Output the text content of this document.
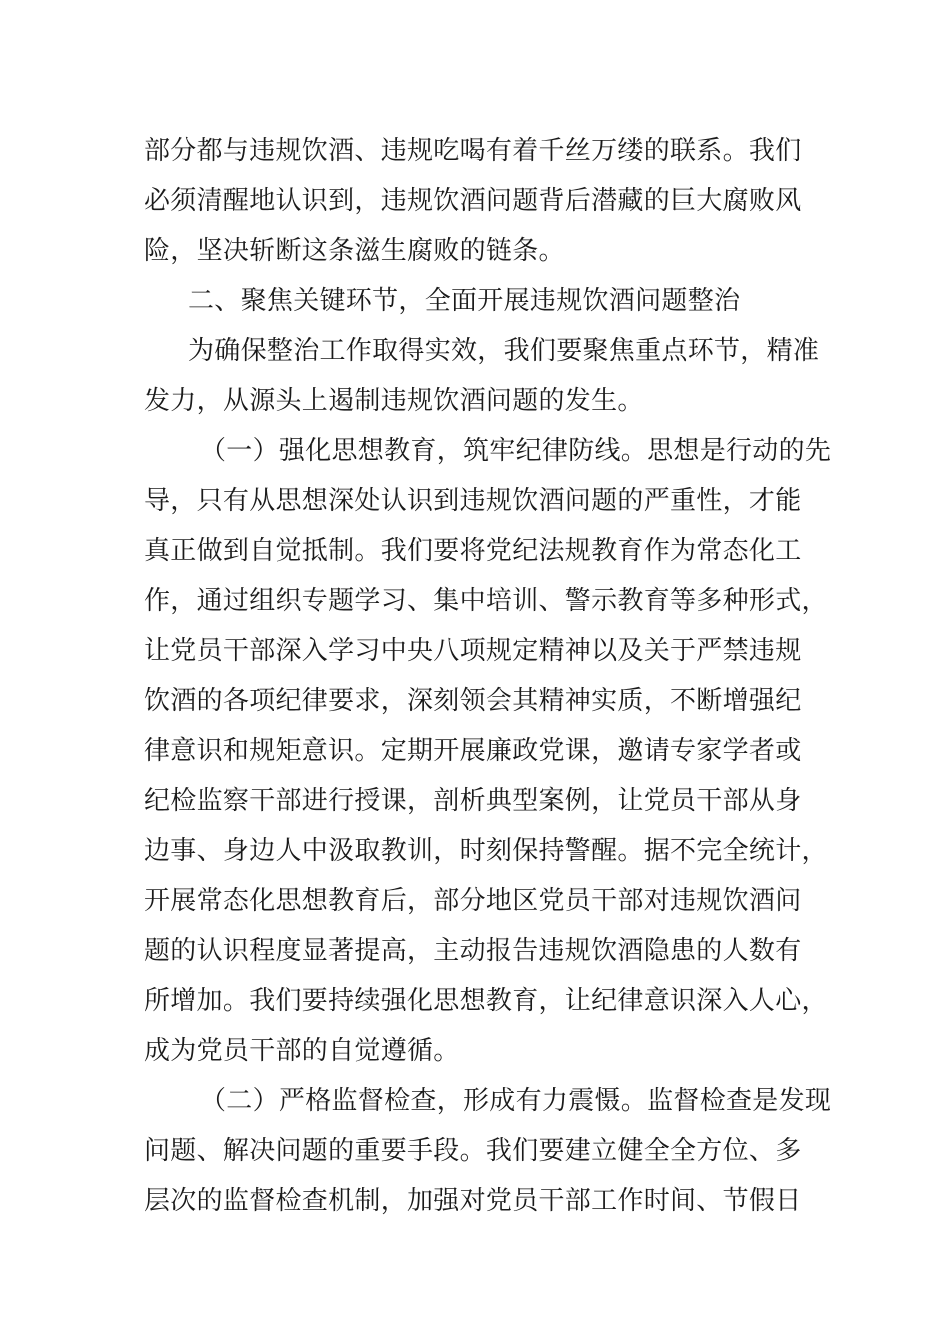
部分都与违规饮酒、违规吃喝有着千丝万缕的联系。我们
必须清醒地认识到，违规饮酒问题背后潜藏的巨大腐败风
险，坚决斩断这条滋生腐败的链条。
二、聚焦关键环节，全面开展违规饮酒问题整治
为确保整治工作取得实效，我们要聚焦重点环节，精准
发力，从源头上遏制违规饮酒问题的发生。
（一）强化思想教育，筑牢纪律防线。思想是行动的先
导，只有从思想深处认识到违规饮酒问题的严重性，才能
真正做到自觉抵制。我们要将党纪法规教育作为常态化工
作，通过组织专题学习、集中培训、警示教育等多种形式，
让党员干部深入学习中央八项规定精神以及关于严禁违规
饮酒的各项纪律要求，深刻领会其精神实质，不断增强纪
律意识和规矩意识。定期开展廉政党课，邀请专家学者或
纪检监察干部进行授课，剖析典型案例，让党员干部从身
边事、身边人中汲取教训，时刻保持警醒。据不完全统计，
开展常态化思想教育后，部分地区党员干部对违规饮酒问
题的认识程度显著提高，主动报告违规饮酒隐患的人数有
所增加。我们要持续强化思想教育，让纪律意识深入人心，
成为党员干部的自觉遵循。
（二）严格监督检查，形成有力震慑。监督检查是发现
问题、解决问题的重要手段。我们要建立健全全方位、多
层次的监督检查机制，加强对党员干部工作时间、节假日
